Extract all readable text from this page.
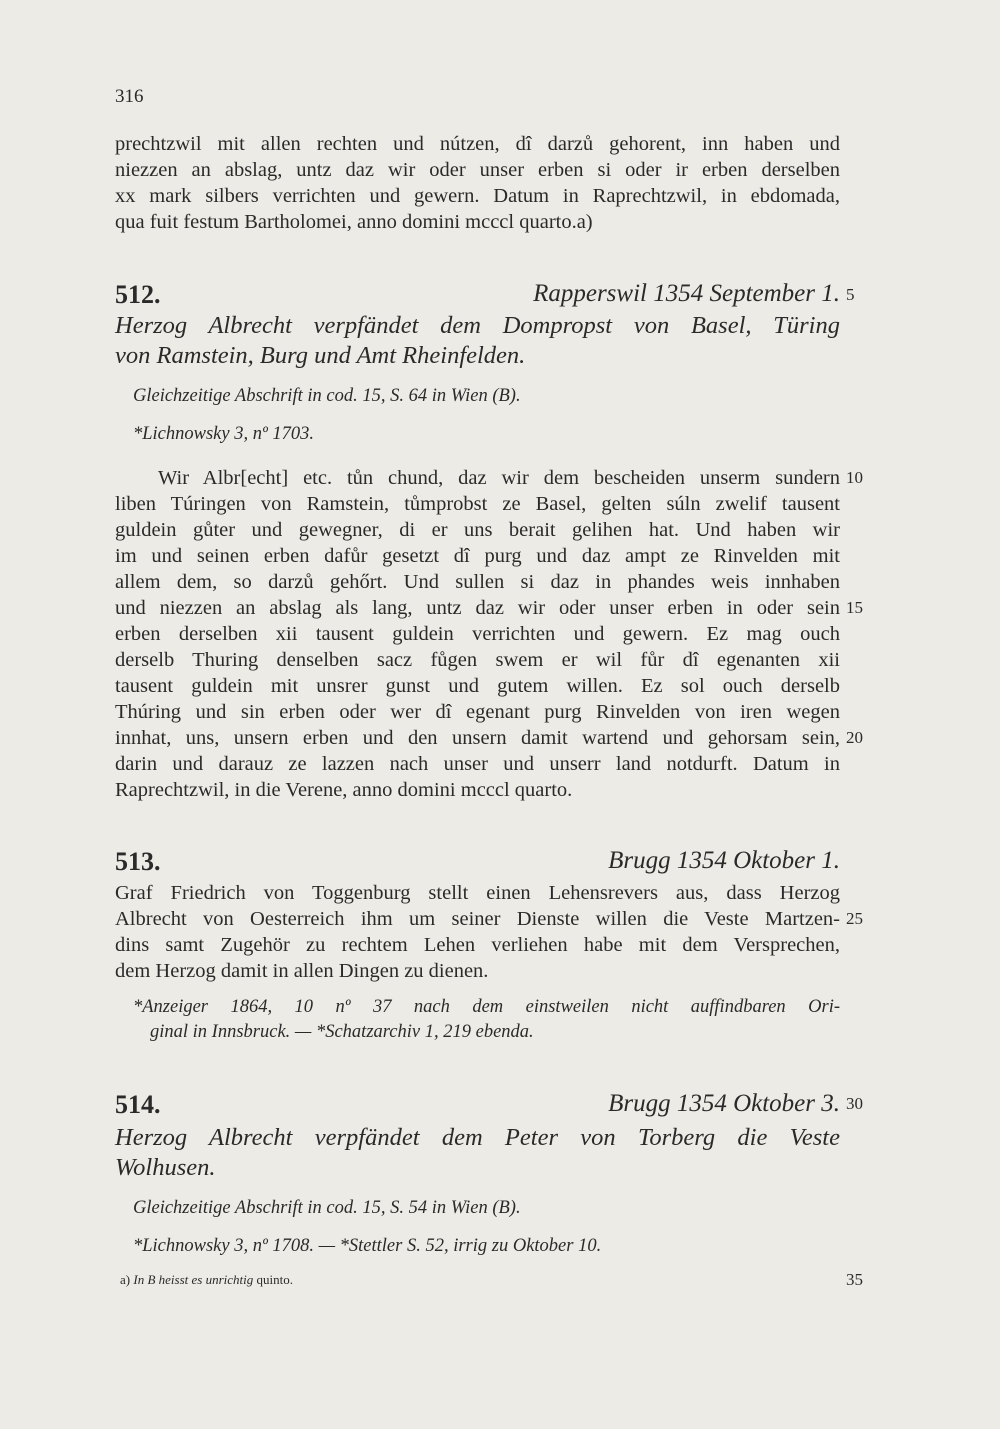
316
prechtzwil mit allen rechten und nútzen, dî darzů gehorent, inn haben und
niezzen an abslag, untz daz wir oder unser erben si oder ir erben derselben
xx mark silbers verrichten und gewern. Datum in Raprechtzwil, in ebdomada,
qua fuit festum Bartholomei, anno domini mcccl quarto.a)
512.	Rapperswil 1354 September 1.
Herzog Albrecht verpfändet dem Dompropst von Basel, Türing
von Ramstein, Burg und Amt Rheinfelden.
Gleichzeitige Abschrift in cod. 15, S. 64 in Wien (B).
*Lichnowsky 3, nº 1703.
Wir Albr[echt] etc. tůn chund, daz wir dem bescheiden unserm sundern
liben Túringen von Ramstein, tůmprobst ze Basel, gelten súln zwelif tausent
guldein gůter und gewegner, di er uns berait gelihen hat. Und haben wir
im und seinen erben dafůr gesetzt dî purg und daz ampt ze Rinvelden mit
allem dem, so darzů gehőrt. Und sullen si daz in phandes weis innhaben
und niezzen an abslag als lang, untz daz wir oder unser erben in oder sein
erben derselben xii tausent guldein verrichten und gewern. Ez mag ouch
derselb Thuring denselben sacz fůgen swem er wil fůr dî egenanten xii
tausent guldein mit unsrer gunst und gutem willen. Ez sol ouch derselb
Thúring und sin erben oder wer dî egenant purg Rinvelden von iren wegen
innhat, uns, unsern erben und den unsern damit wartend und gehorsam sein,
darin und darauz ze lazzen nach unser und unserr land notdurft. Datum in
Raprechtzwil, in die Verene, anno domini mcccl quarto.
513.	Brugg 1354 Oktober 1.
Graf Friedrich von Toggenburg stellt einen Lehensrevers aus, dass Herzog
Albrecht von Oesterreich ihm um seiner Dienste willen die Veste Martzen-
dins samt Zugehör zu rechtem Lehen verliehen habe mit dem Versprechen,
dem Herzog damit in allen Dingen zu dienen.
*Anzeiger 1864, 10 nº 37 nach dem einstweilen nicht auffindbaren Ori-
ginal in Innsbruck. — *Schatzarchiv 1, 219 ebenda.
514.	Brugg 1354 Oktober 3.
Herzog Albrecht verpfändet dem Peter von Torberg die Veste
Wolhusen.
Gleichzeitige Abschrift in cod. 15, S. 54 in Wien (B).
*Lichnowsky 3, nº 1708. — *Stettler S. 52, irrig zu Oktober 10.
5
10
15
20
25
30
35
a) In B heisst es unrichtig quinto.
